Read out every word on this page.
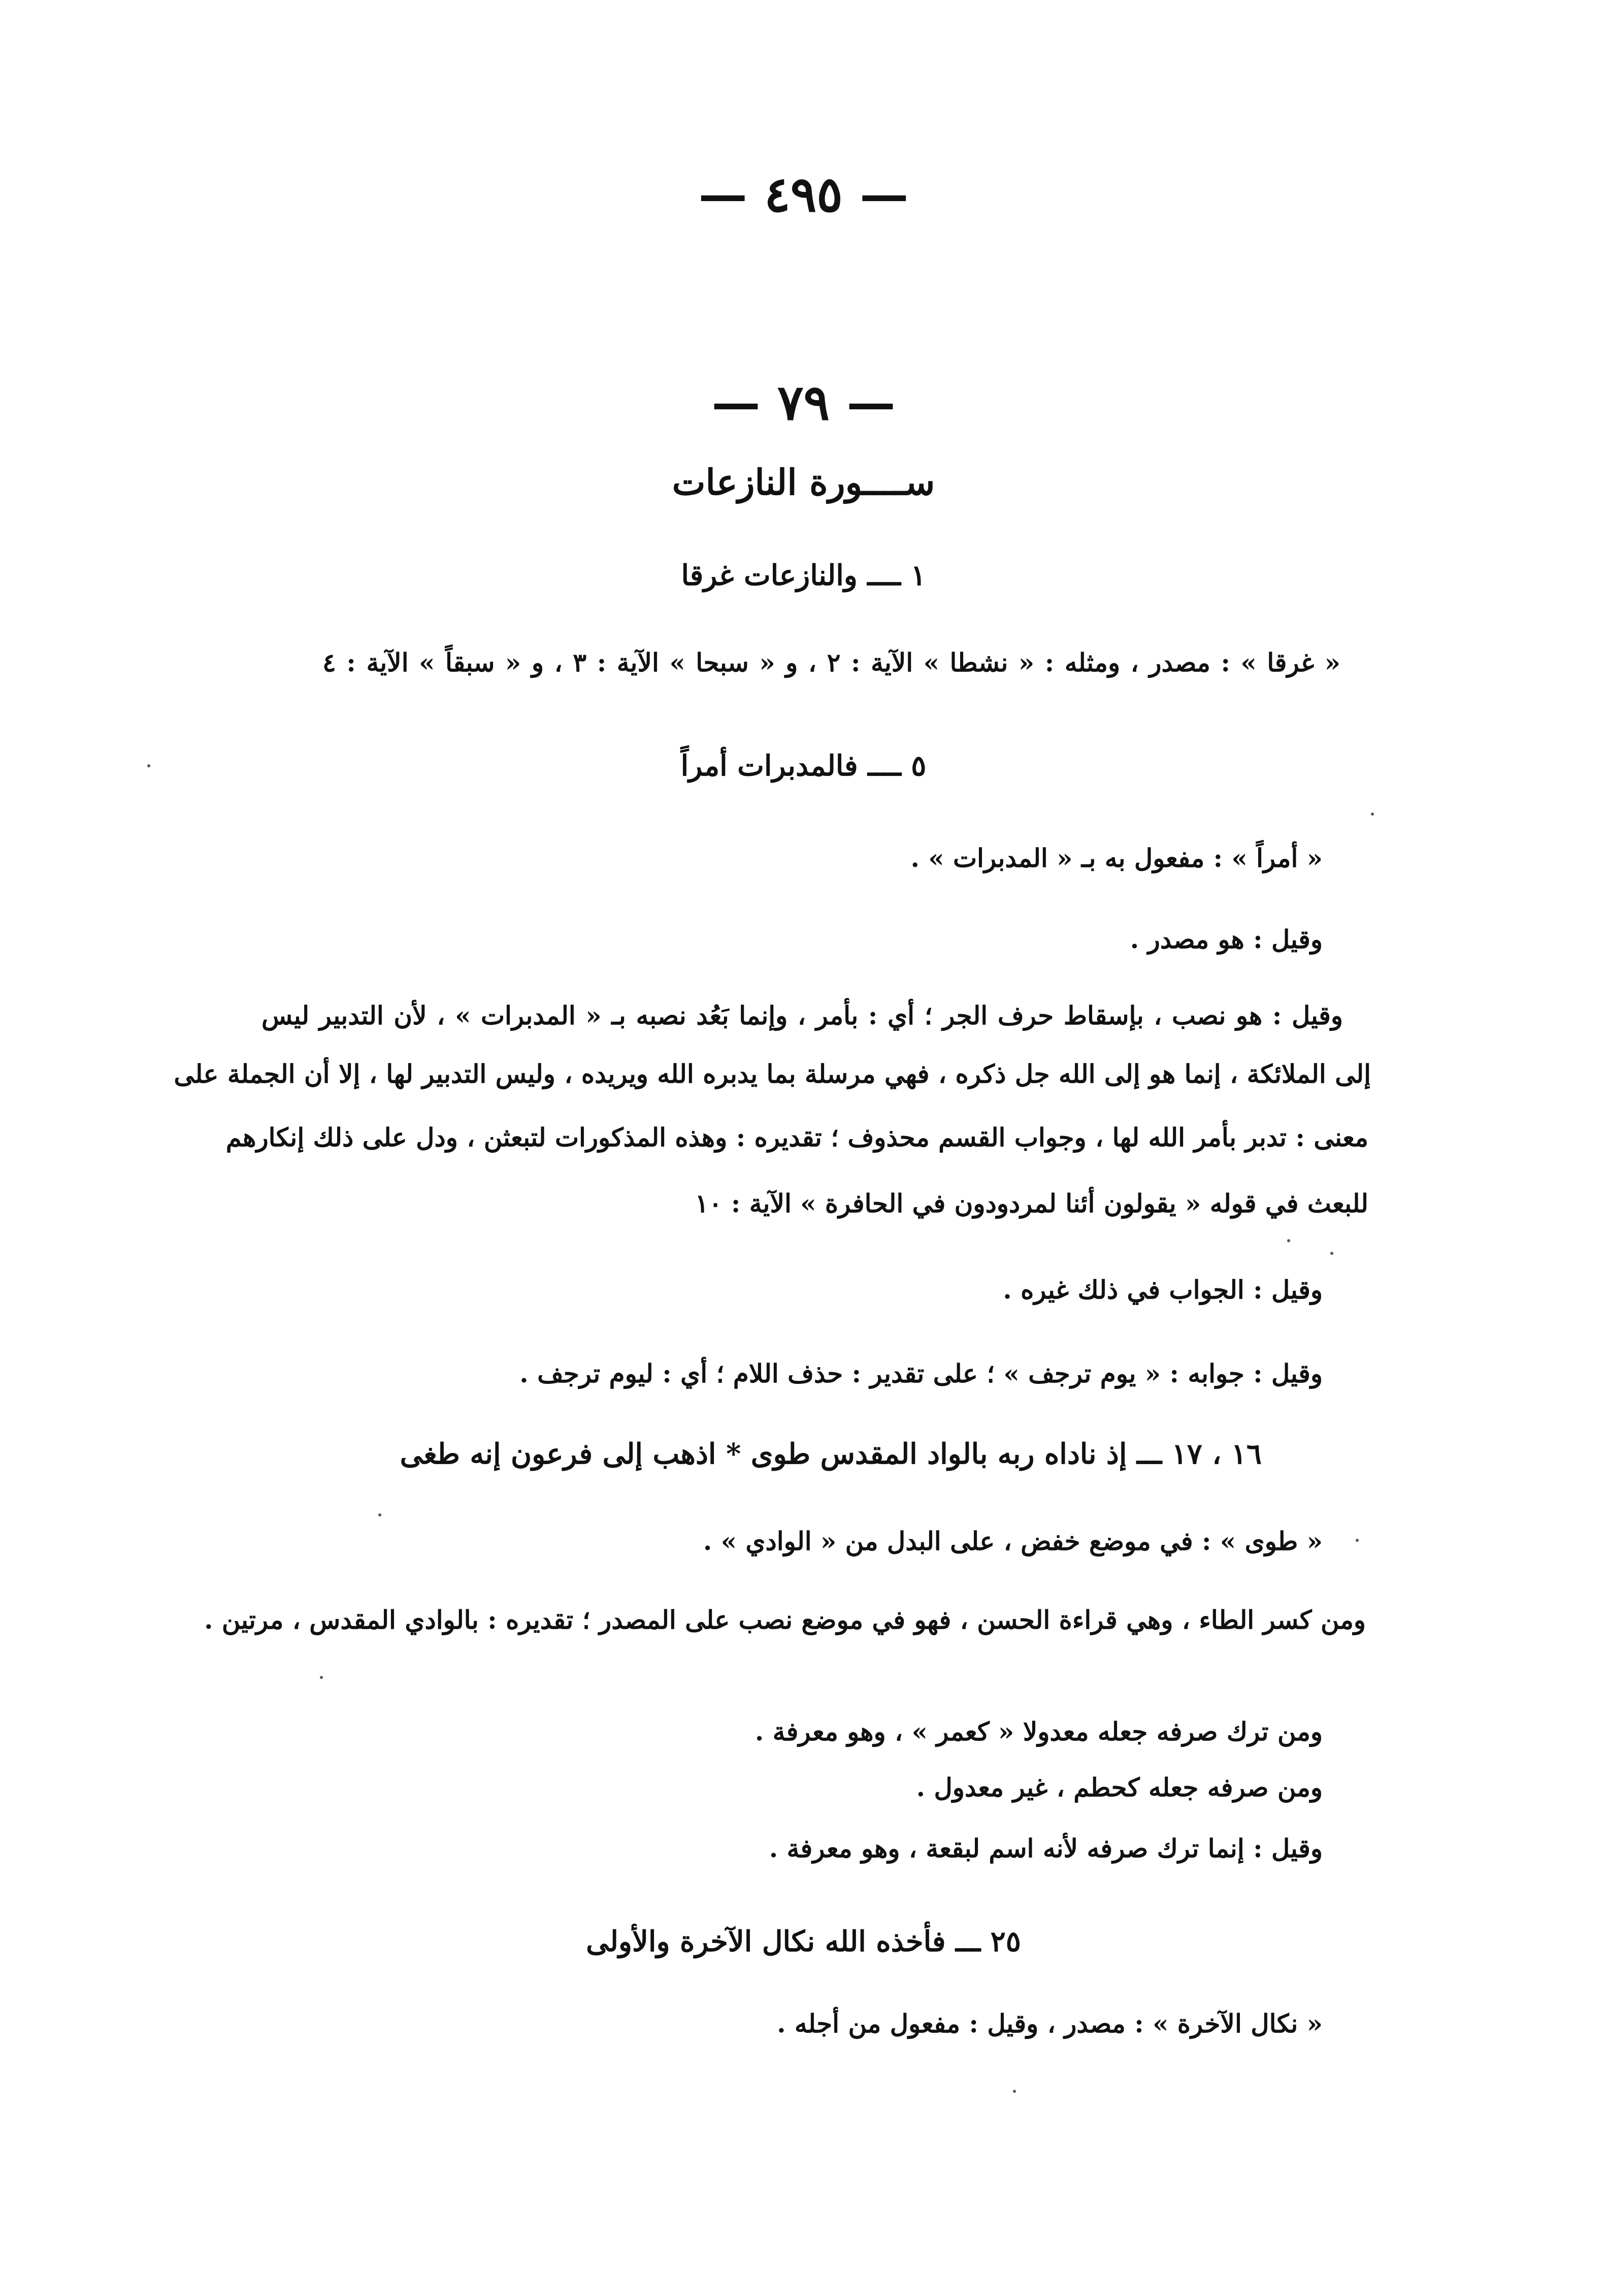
— ٤٩٥ —
— ٧٩ —
ســــورة النازعات
١ ــــ والنازعات غرقا
« غرقا » : مصدر ، ومثله : « نشطا » الآية : ٢ ، و « سبحا » الآية : ٣ ، و « سبقاً » الآية : ٤
٥ ــــ فالمدبرات أمراً
« أمراً » : مفعول به بـ « المدبرات » .
وقيل : هو مصدر .
وقيل : هو نصب ، بإسقاط حرف الجر ؛ أي : بأمر ، وإنما بَعُد نصبه بـ « المدبرات » ، لأن التدبير ليس
إلى الملائكة ، إنما هو إلى الله جل ذكره ، فهي مرسلة بما يدبره الله ويريده ، وليس التدبير لها ، إلا أن الجملة على
معنى : تدبر بأمر الله لها ، وجواب القسم محذوف ؛ تقديره : وهذه المذكورات لتبعثن ، ودل على ذلك إنكارهم
للبعث في قوله « يقولون أئنا لمردودون في الحافرة » الآية : ١٠
وقيل : الجواب في ذلك غيره .
وقيل : جوابه : « يوم ترجف » ؛ على تقدير : حذف اللام ؛ أي : ليوم ترجف .
١٦ ، ١٧ ـــ إذ ناداه ربه بالواد المقدس طوى * اذهب إلى فرعون إنه طغى
« طوى » : في موضع خفض ، على البدل من « الوادي » .
ومن كسر الطاء ، وهي قراءة الحسن ، فهو في موضع نصب على المصدر ؛ تقديره : بالوادي المقدس ، مرتين .
ومن ترك صرفه جعله معدولا « كعمر » ، وهو معرفة .
ومن صرفه جعله كحطم ، غير معدول .
وقيل : إنما ترك صرفه لأنه اسم لبقعة ، وهو معرفة .
٢٥ ـــ فأخذه الله نكال الآخرة والأولى
« نكال الآخرة » : مصدر ، وقيل : مفعول من أجله .
